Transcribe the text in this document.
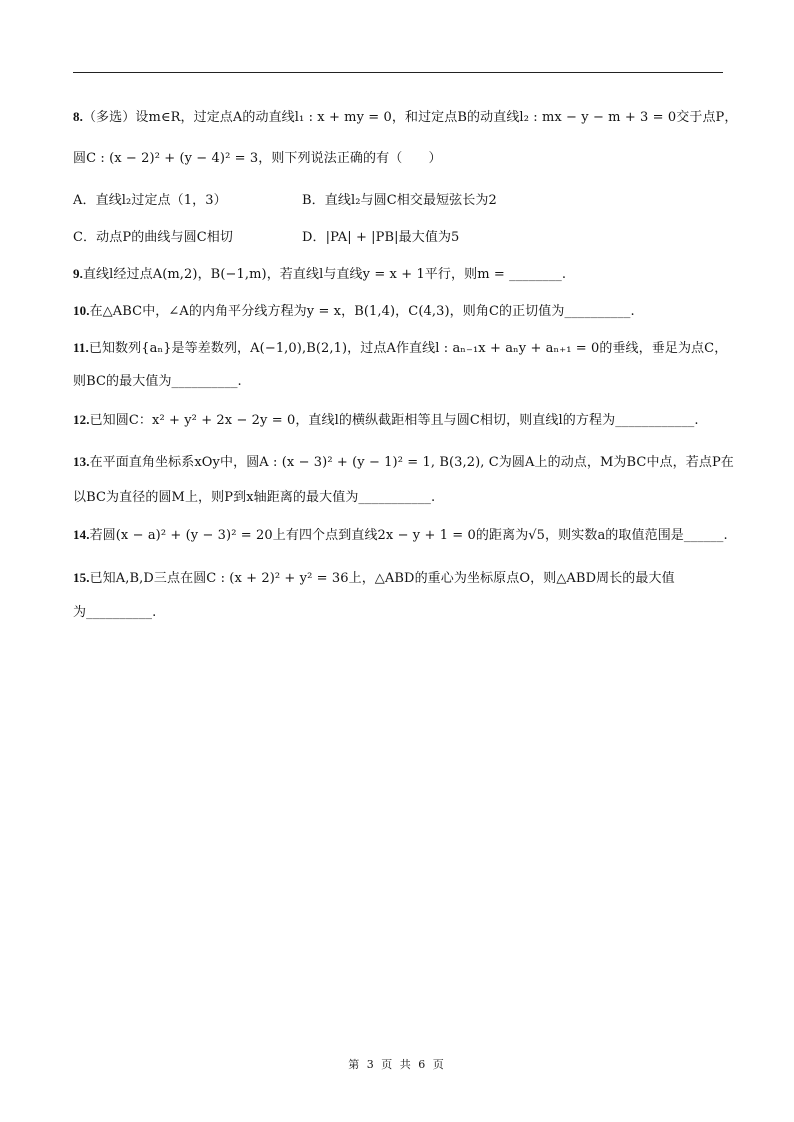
8.（多选）设m∈R，过定点A的动直线l₁ : x + my = 0，和过定点B的动直线l₂ : mx − y − m + 3 = 0交于点P，
圆C : (x − 2)² + (y − 4)² = 3，则下列说法正确的有（　　）
A．直线l₂过定点（1，3）	B．直线l₂与圆C相交最短弦长为2
C．动点P的曲线与圆C相切	D．|PA| + |PB|最大值为5
9.直线l经过点A(m,2)，B(−1,m)，若直线l与直线y = x + 1平行，则m = ________.
10.在△ABC中，∠A的内角平分线方程为y = x，B(1,4)，C(4,3)，则角C的正切值为__________.
11.已知数列{aₙ}是等差数列，A(−1,0),B(2,1)，过点A作直线l : aₙ₋₁x + aₙy + aₙ₊₁ = 0的垂线，垂足为点C，
则BC的最大值为__________.
12.已知圆C：x² + y² + 2x − 2y = 0，直线l的横纵截距相等且与圆C相切，则直线l的方程为____________.
13.在平面直角坐标系xOy中，圆A : (x − 3)² + (y − 1)² = 1, B(3,2), C为圆A上的动点，M为BC中点，若点P在
以BC为直径的圆M上，则P到x轴距离的最大值为___________.
14.若圆(x − a)² + (y − 3)² = 20上有四个点到直线2x − y + 1 = 0的距离为√5，则实数a的取值范围是______.
15.已知A,B,D三点在圆C : (x + 2)² + y² = 36上，△ABD的重心为坐标原点O，则△ABD周长的最大值
为__________.
第 3 页 共 6 页
